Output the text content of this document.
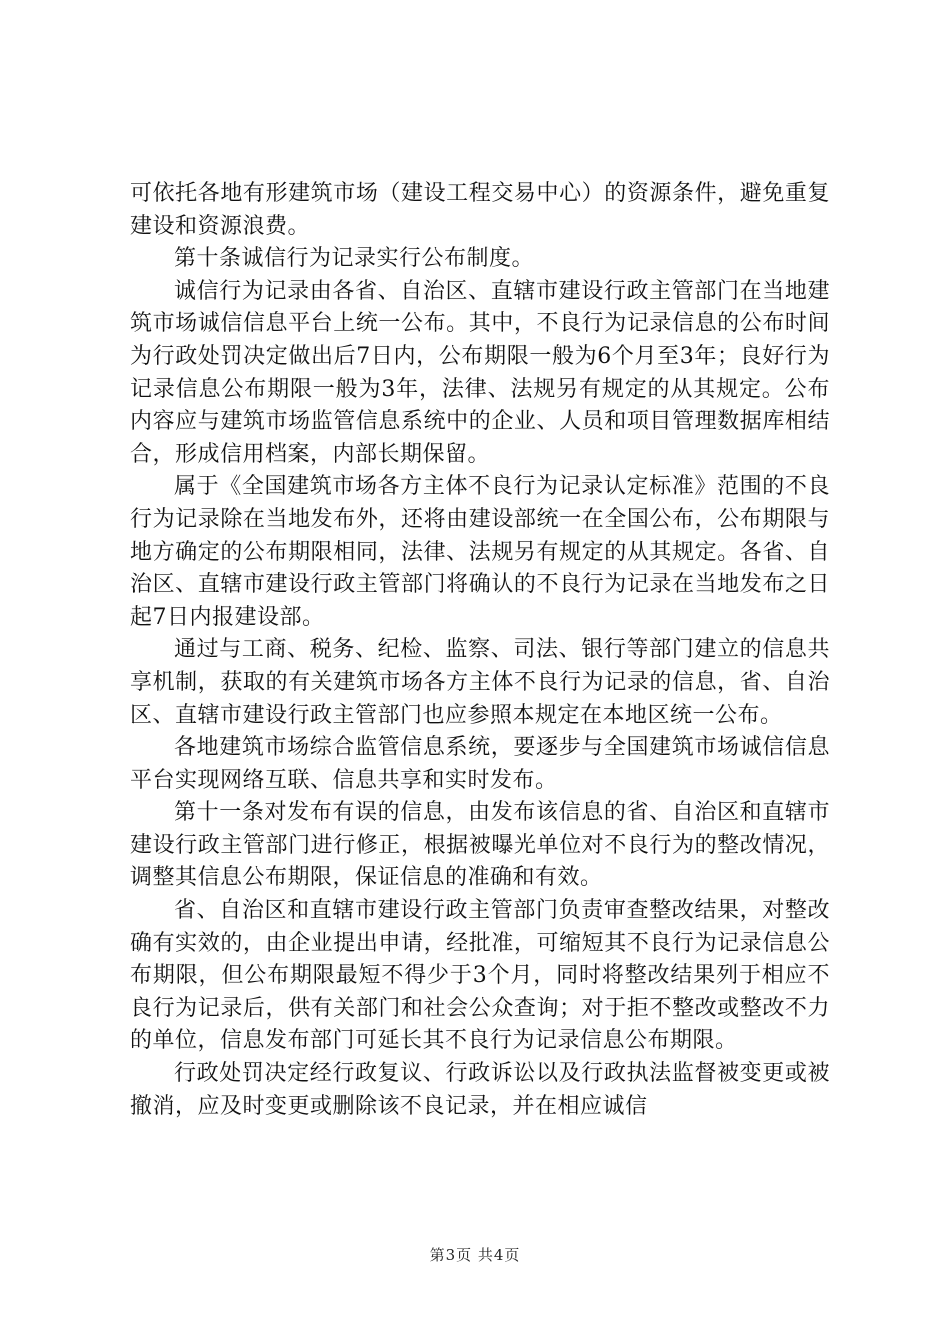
可依托各地有形建筑市场（建设工程交易中心）的资源条件，避免重复建设和资源浪费。

第十条诚信行为记录实行公布制度。

诚信行为记录由各省、自治区、直辖市建设行政主管部门在当地建筑市场诚信信息平台上统一公布。其中，不良行为记录信息的公布时间为行政处罚决定做出后7日内，公布期限一般为6个月至3年；良好行为记录信息公布期限一般为3年，法律、法规另有规定的从其规定。公布内容应与建筑市场监管信息系统中的企业、人员和项目管理数据库相结合，形成信用档案，内部长期保留。

属于《全国建筑市场各方主体不良行为记录认定标准》范围的不良行为记录除在当地发布外，还将由建设部统一在全国公布，公布期限与地方确定的公布期限相同，法律、法规另有规定的从其规定。各省、自治区、直辖市建设行政主管部门将确认的不良行为记录在当地发布之日起7日内报建设部。

通过与工商、税务、纪检、监察、司法、银行等部门建立的信息共享机制，获取的有关建筑市场各方主体不良行为记录的信息，省、自治区、直辖市建设行政主管部门也应参照本规定在本地区统一公布。

各地建筑市场综合监管信息系统，要逐步与全国建筑市场诚信信息平台实现网络互联、信息共享和实时发布。

第十一条对发布有误的信息，由发布该信息的省、自治区和直辖市建设行政主管部门进行修正，根据被曝光单位对不良行为的整改情况，调整其信息公布期限，保证信息的准确和有效。

省、自治区和直辖市建设行政主管部门负责审查整改结果，对整改确有实效的，由企业提出申请，经批准，可缩短其不良行为记录信息公布期限，但公布期限最短不得少于3个月，同时将整改结果列于相应不良行为记录后，供有关部门和社会公众查询；对于拒不整改或整改不力的单位，信息发布部门可延长其不良行为记录信息公布期限。

行政处罚决定经行政复议、行政诉讼以及行政执法监督被变更或被撤消，应及时变更或删除该不良记录，并在相应诚信

第3页 共4页
